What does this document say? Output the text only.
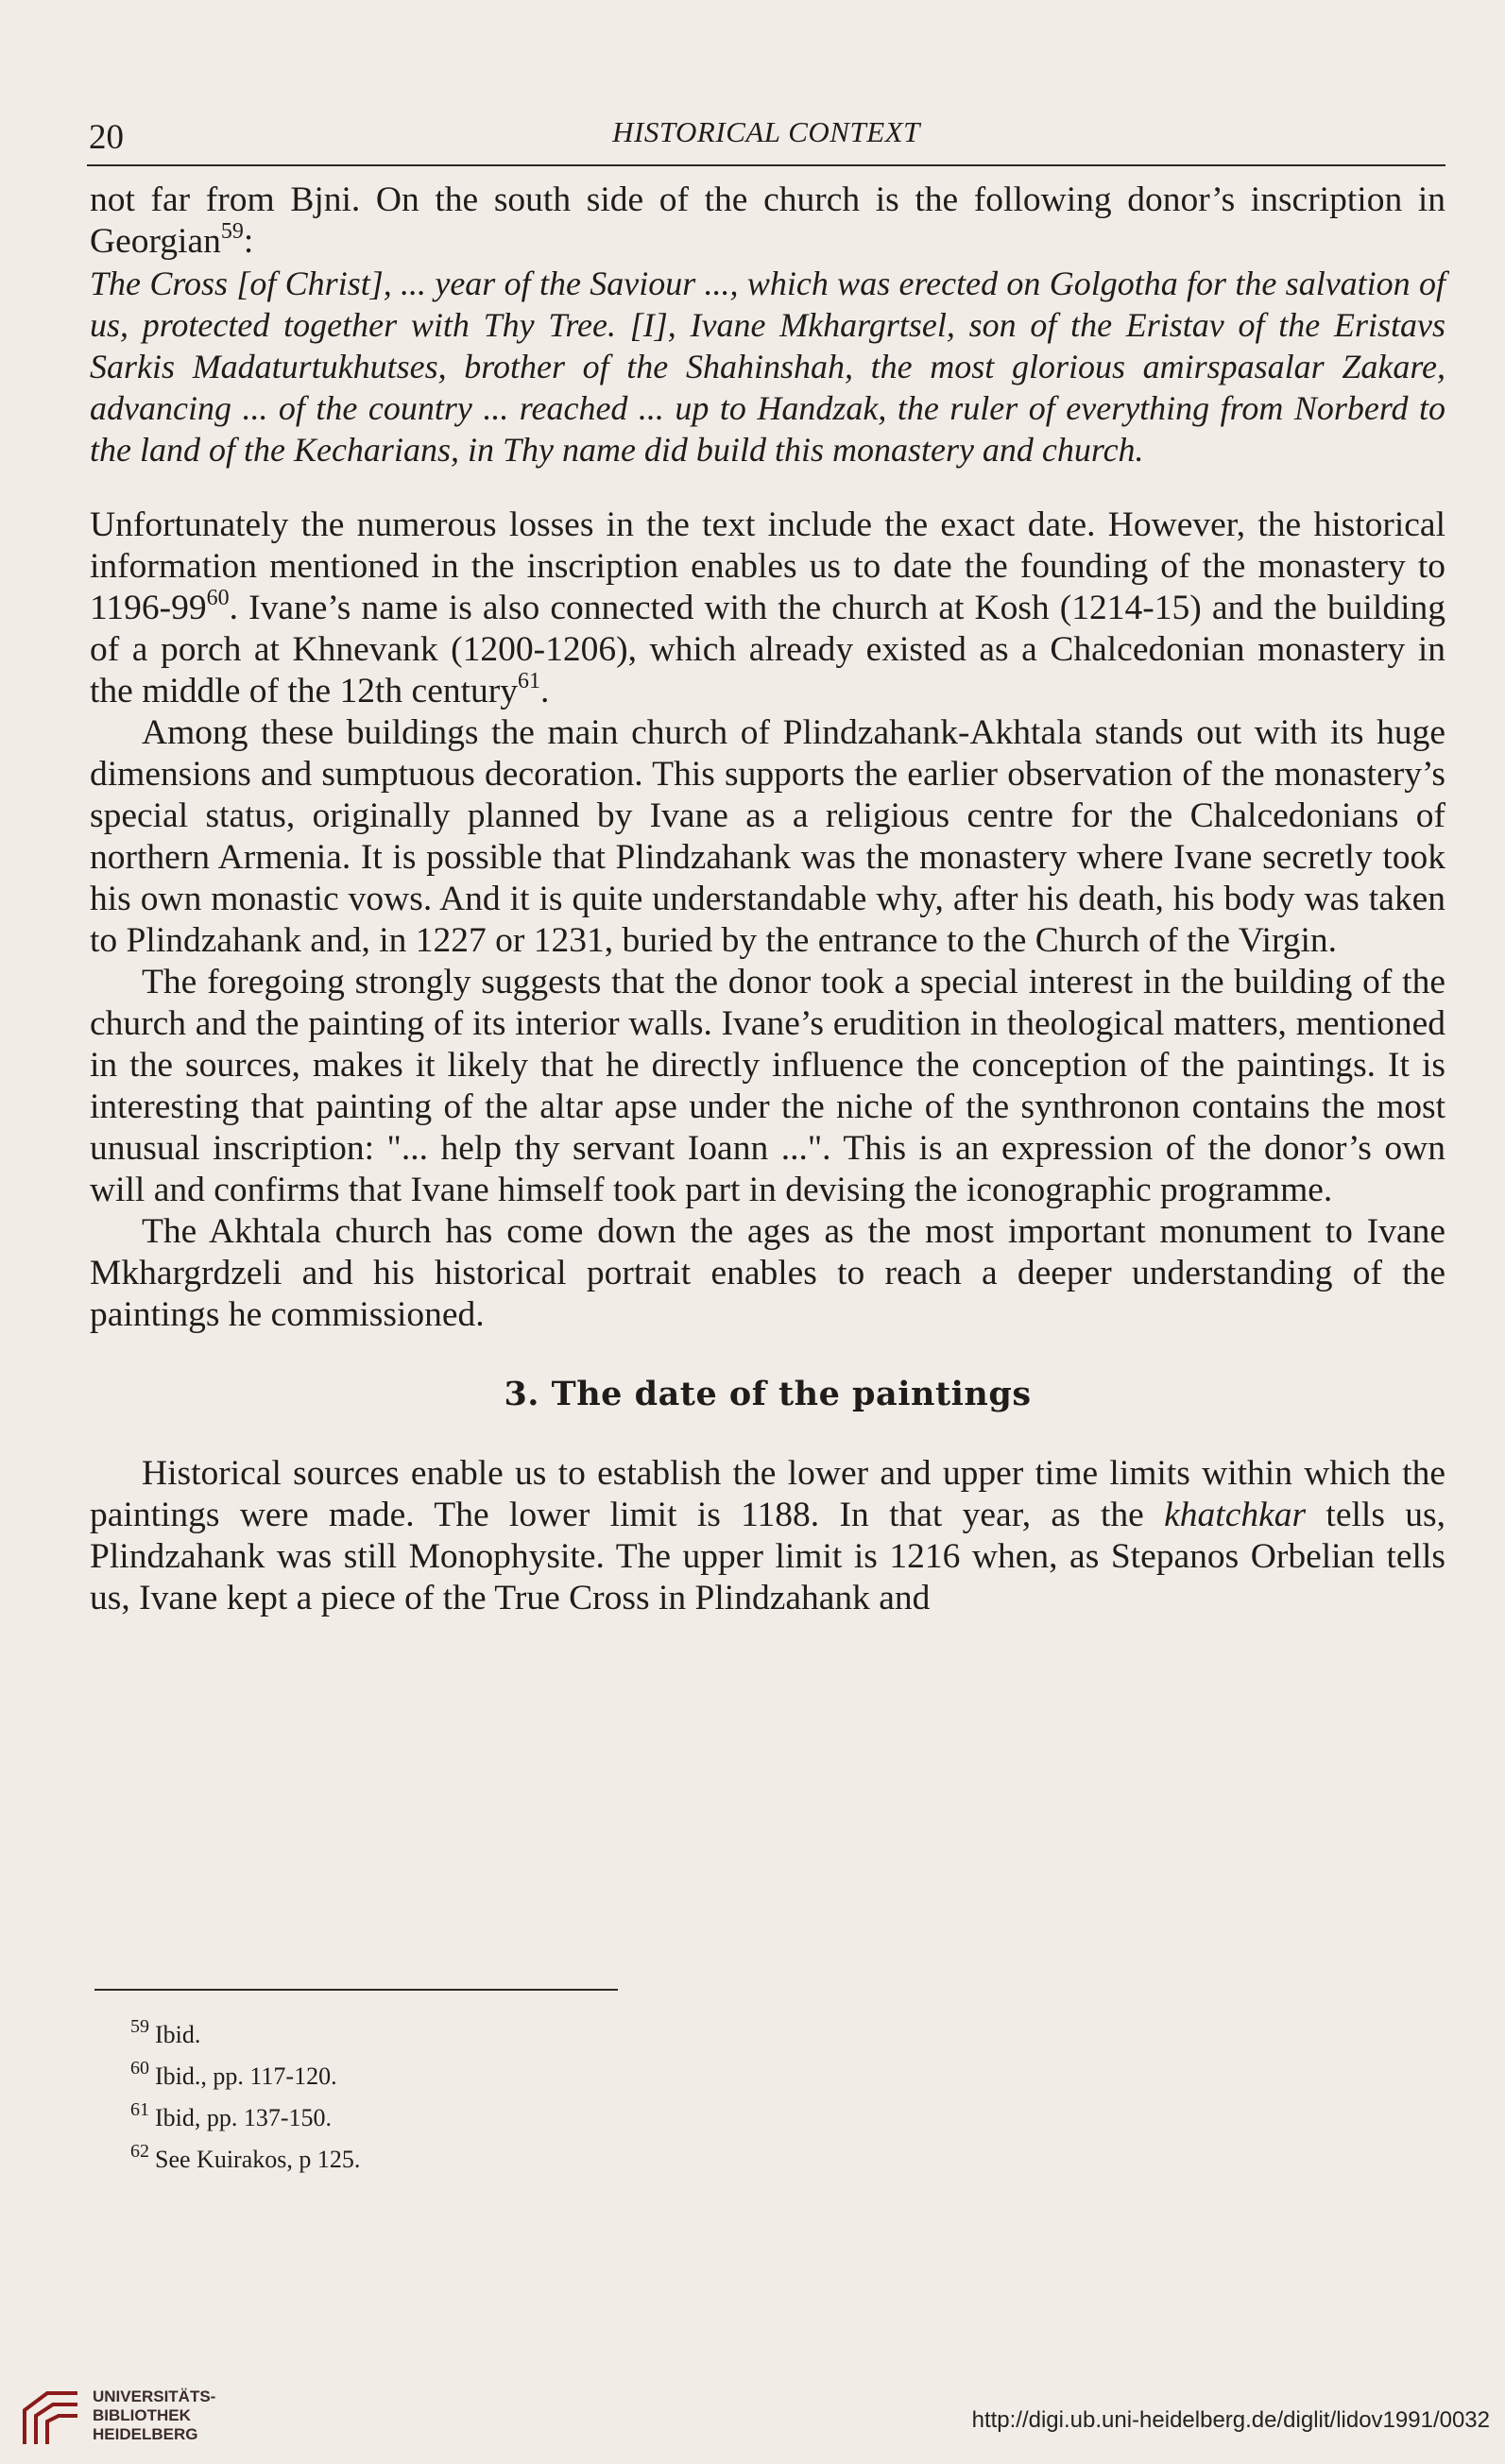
20	HISTORICAL CONTEXT

not far from Bjni. On the south side of the church is the following donor’s inscription in Georgian$^{59}$:

The Cross [of Christ], ... year of the Saviour ..., which was erected on Golgotha for the salvation of us, protected together with Thy Tree. [I], Ivane Mkhargrtsel, son of the Eristav of the Eristavs Sarkis Madaturtukhutses, brother of the Shahinshah, the most glorious amirspasalar Zakare, advancing ... of the country ... reached ... up to Handzak, the ruler of everything from Norberd to the land of the Kecharians, in Thy name did build this monastery and church.

Unfortunately the numerous losses in the text include the exact date. However, the historical information mentioned in the inscription enables us to date the founding of the monastery to $1196-99^{60}$. Ivane’s name is also connected with the church at Kosh (1214-15) and the building of a porch at Khnevank (1200-1206), which already existed as a Chalcedonian monastery in the middle of the 12th century$^{61}$.

Among these buildings the main church of Plindzahank-Akhtala stands out with its huge dimensions and sumptuous decoration. This supports the earlier observation of the monastery’s special status, originally planned by Ivane as a religious centre for the Chalcedonians of northern Armenia. It is possible that Plindzahank was the monastery where Ivane secretly took his own monastic vows. And it is quite understandable why, after his death, his body was taken to Plindzahank and, in 1227 or 1231, buried by the entrance to the Church of the Virgin.

The foregoing strongly suggests that the donor took a special interest in the building of the church and the painting of its interior walls. Ivane’s erudition in theological matters, mentioned in the sources, makes it likely that he directly influence the conception of the paintings. It is interesting that painting of the altar apse under the niche of the synthronon contains the most unusual inscription: "... help thy servant Ioann ...". This is an expression of the donor’s own will and confirms that Ivane himself took part in devising the iconographic programme.

The Akhtala church has come down the ages as the most important monument to Ivane Mkhargrdzeli and his historical portrait enables to reach a deeper understanding of the paintings he commissioned.

3. The date of the paintings

Historical sources enable us to establish the lower and upper time limits within which the paintings were made. The lower limit is 1188. In that year, as the khatchkar tells us, Plindzahank was still Monophysite. The upper limit is 1216 when, as Stepanos Orbelian tells us, Ivane kept a piece of the True Cross in Plindzahank and

$^{59}$ Ibid.
$^{60}$ Ibid., pp. 117-120.
$^{61}$ Ibid, pp. 137-150.
$^{62}$ See Kuirakos, p 125.
UNIVERSITÄTS-
BIBLIOTHEK
HEIDELBERG
http://digi.ub.uni-heidelberg.de/diglit/lidov1991/0032
